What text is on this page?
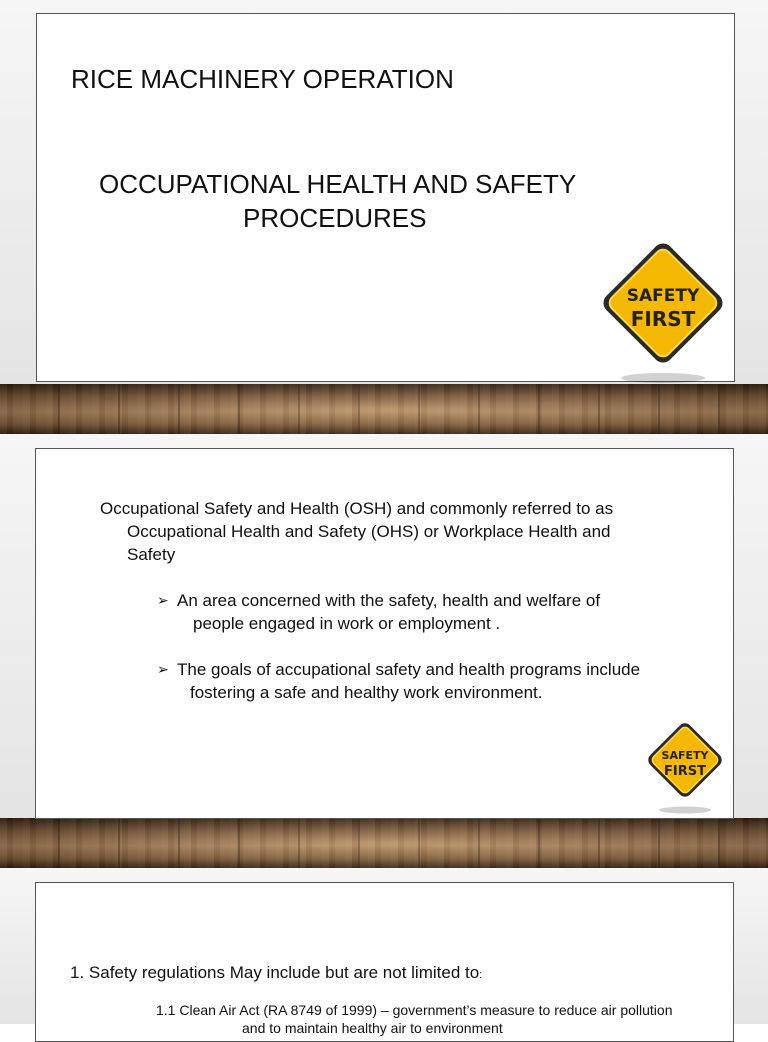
RICE MACHINERY OPERATION
OCCUPATIONAL HEALTH AND SAFETY
PROCEDURES
SAFETY
FIRST
Occupational Safety and Health (OSH) and commonly referred to as
Occupational Health and Safety (OHS) or Workplace Health and
Safety
➢ An area concerned with the safety, health and welfare of
people engaged in work or employment .
➢ The goals of accupational safety and health programs include
fostering a safe and healthy work environment.
SAFETY
FIRST
1. Safety regulations May include but are not limited to:
1.1 Clean Air Act (RA 8749 of 1999) – government’s measure to reduce air pollution
and to maintain healthy air to environment
